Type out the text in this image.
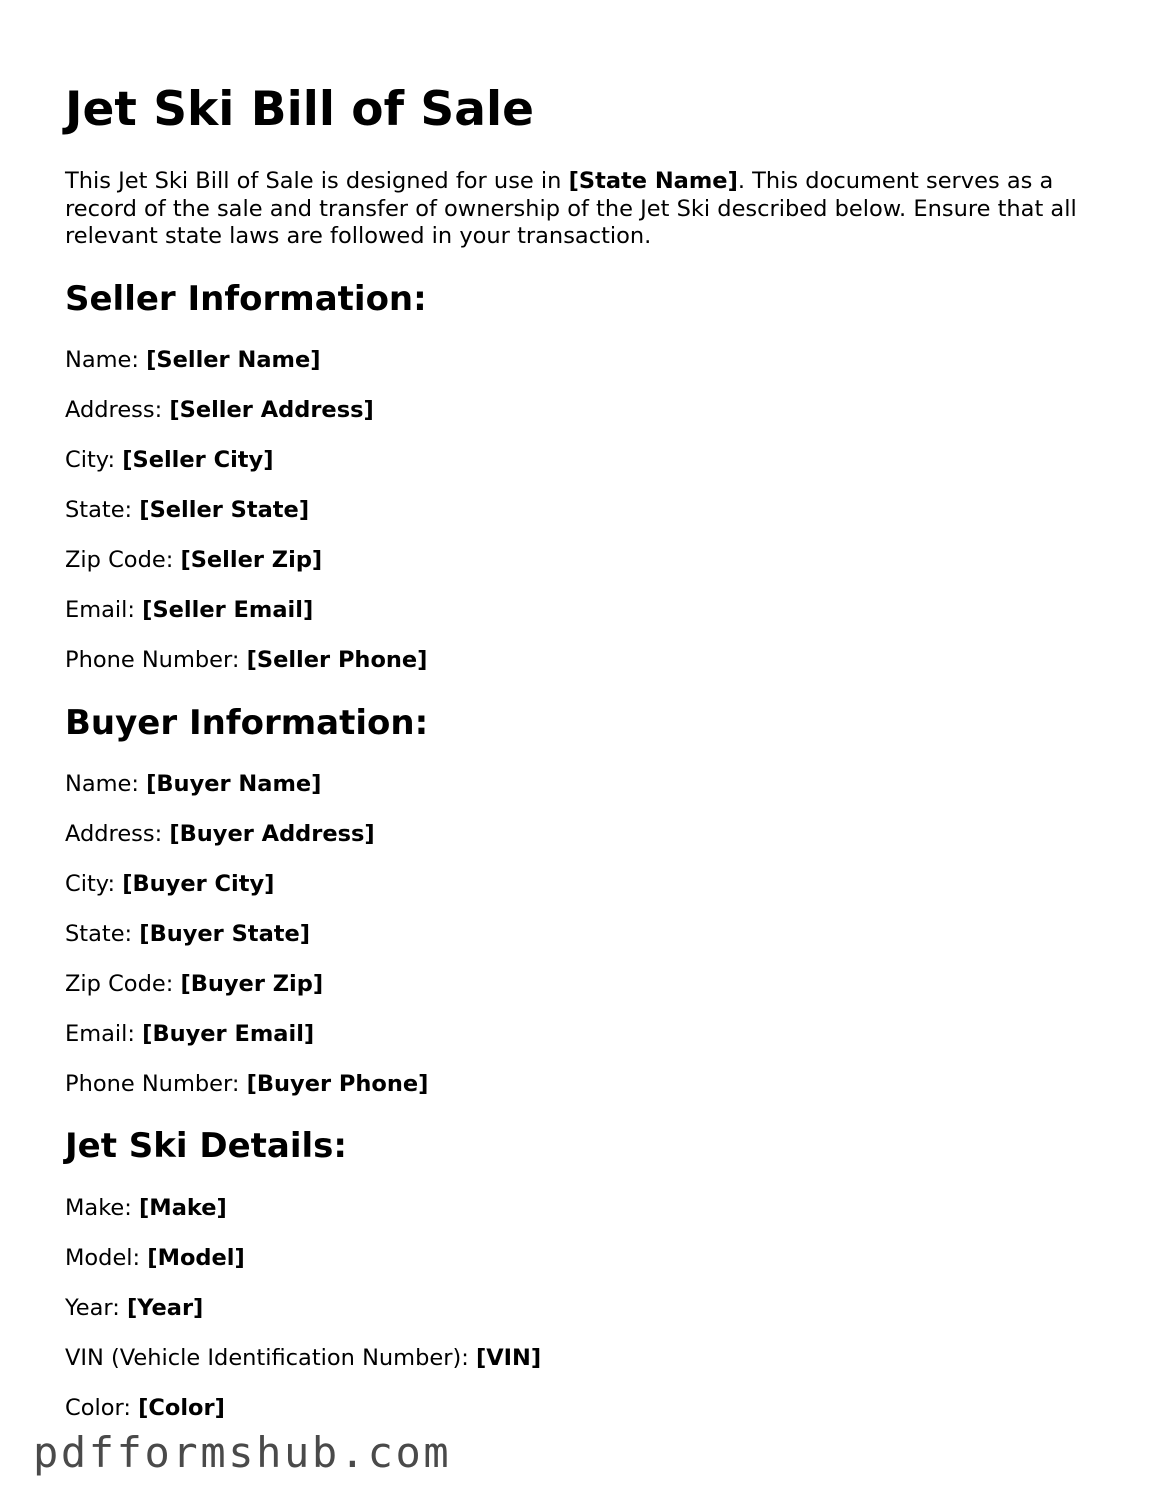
Jet Ski Bill of Sale

This Jet Ski Bill of Sale is designed for use in [State Name]. This document serves as a record of the sale and transfer of ownership of the Jet Ski described below. Ensure that all relevant state laws are followed in your transaction.

Seller Information:

Name: [Seller Name]

Address: [Seller Address]

City: [Seller City]

State: [Seller State]

Zip Code: [Seller Zip]

Email: [Seller Email]

Phone Number: [Seller Phone]

Buyer Information:

Name: [Buyer Name]

Address: [Buyer Address]

City: [Buyer City]

State: [Buyer State]

Zip Code: [Buyer Zip]

Email: [Buyer Email]

Phone Number: [Buyer Phone]

Jet Ski Details:

Make: [Make]

Model: [Model]

Year: [Year]

VIN (Vehicle Identification Number): [VIN]

Color: [Color]

pdfformshub.com
